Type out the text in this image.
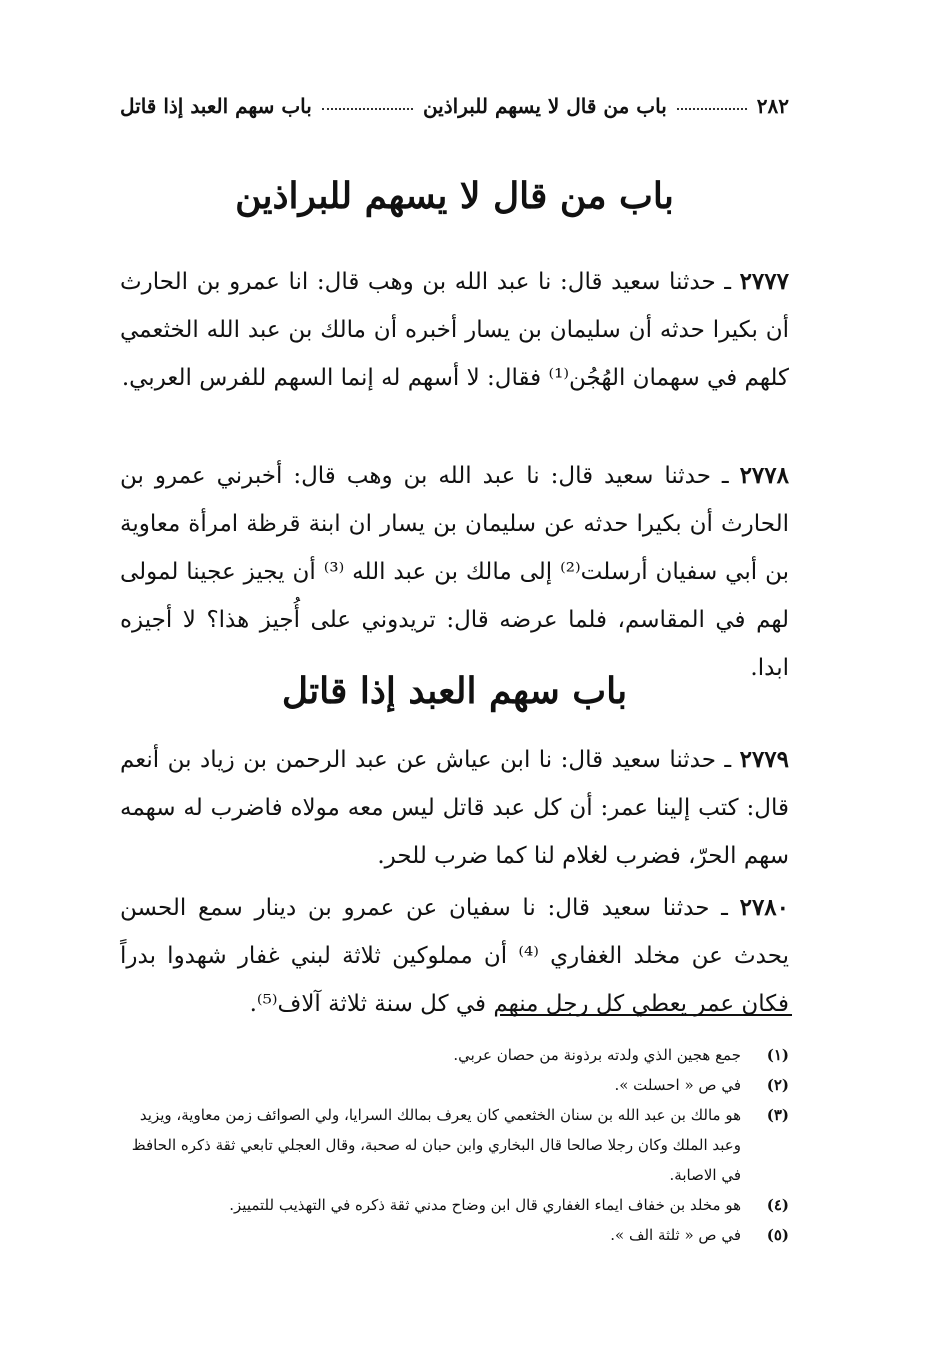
٢٨٢
باب من قال لا يسهم للبراذين
باب سهم العبد إذا قاتل
باب من قال لا يسهم للبراذين
٢٧٧٧ ـ حدثنا سعيد قال: نا عبد الله بن وهب قال: انا عمرو بن الحارث أن بكيرا حدثه أن سليمان بن يسار أخبره أن مالك بن عبد الله الخثعمي كلهم في سهمان الهُجُن⁽¹⁾ فقال: لا أسهم له إنما السهم للفرس العربي.
٢٧٧٨ ـ حدثنا سعيد قال: نا عبد الله بن وهب قال: أخبرني عمرو بن الحارث أن بكيرا حدثه عن سليمان بن يسار ان ابنة قرظة امرأة معاوية بن أبي سفيان أرسلت⁽²⁾ إلى مالك بن عبد الله ⁽³⁾ أن يجيز عجينا لمولى لهم في المقاسم، فلما عرضه قال: تريدوني على أُجيز هذا؟ لا أجيزه ابدا.
باب سهم العبد إذا قاتل
٢٧٧٩ ـ حدثنا سعيد قال: نا ابن عياش عن عبد الرحمن بن زياد بن أنعم قال: كتب إلينا عمر: أن كل عبد قاتل ليس معه مولاه فاضرب له سهمه سهم الحرّ، فضرب لغلام لنا كما ضرب للحر.
٢٧٨٠ ـ حدثنا سعيد قال: نا سفيان عن عمرو بن دينار سمع الحسن يحدث عن مخلد الغفاري ⁽⁴⁾ أن مملوكين ثلاثة لبني غفار شهدوا بدراً فكان عمر يعطي كل رجل منهم في كل سنة ثلاثة آلاف⁽⁵⁾.
(١)
جمع هجين الذي ولدته برذونة من حصان عربي.
(٢)
في ص « احسلت ».
(٣)
هو مالك بن عبد الله بن سنان الخثعمي كان يعرف بمالك السرايا، ولي الصوائف زمن معاوية، ويزيد وعبد الملك وكان رجلا صالحا قال البخاري وابن حبان له صحبة، وقال العجلي تابعي ثقة ذكره الحافظ في الاصابة.
(٤)
هو مخلد بن خفاف ايماء الغفاري قال ابن وضاح مدني ثقة ذكره في التهذيب للتمييز.
(٥)
في ص « ثلثة الف ».
